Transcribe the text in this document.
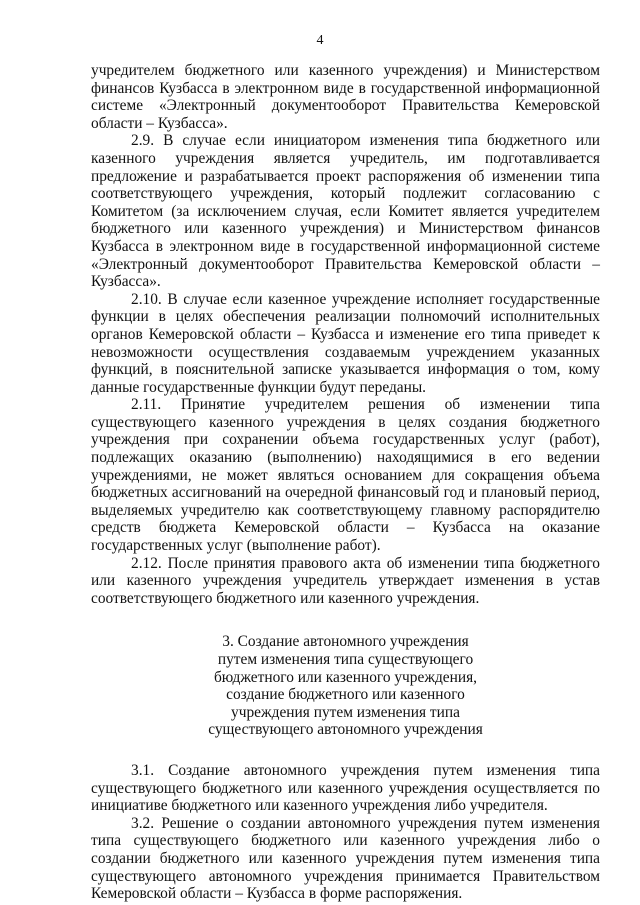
4

учредителем бюджетного или казенного учреждения) и Министерством финансов Кузбасса в электронном виде в государственной информационной системе «Электронный документооборот Правительства Кемеровской области – Кузбасса».

2.9. В случае если инициатором изменения типа бюджетного или казенного учреждения является учредитель, им подготавливается предложение и разрабатывается проект распоряжения об изменении типа соответствующего учреждения, который подлежит согласованию с Комитетом (за исключением случая, если Комитет является учредителем бюджетного или казенного учреждения) и Министерством финансов Кузбасса в электронном виде в государственной информационной системе «Электронный документооборот Правительства Кемеровской области – Кузбасса».

2.10. В случае если казенное учреждение исполняет государственные функции в целях обеспечения реализации полномочий исполнительных органов Кемеровской области – Кузбасса и изменение его типа приведет к невозможности осуществления создаваемым учреждением указанных функций, в пояснительной записке указывается информация о том, кому данные государственные функции будут переданы.

2.11. Принятие учредителем решения об изменении типа существующего казенного учреждения в целях создания бюджетного учреждения при сохранении объема государственных услуг (работ), подлежащих оказанию (выполнению) находящимися в его ведении учреждениями, не может являться основанием для сокращения объема бюджетных ассигнований на очередной финансовый год и плановый период, выделяемых учредителю как соответствующему главному распорядителю средств бюджета Кемеровской области – Кузбасса на оказание государственных услуг (выполнение работ).

2.12. После принятия правового акта об изменении типа бюджетного или казенного учреждения учредитель утверждает изменения в устав соответствующего бюджетного или казенного учреждения.

3. Создание автономного учреждения
путем изменения типа существующего
бюджетного или казенного учреждения,
создание бюджетного или казенного
учреждения путем изменения типа
существующего автономного учреждения

3.1. Создание автономного учреждения путем изменения типа существующего бюджетного или казенного учреждения осуществляется по инициативе бюджетного или казенного учреждения либо учредителя.

3.2. Решение о создании автономного учреждения путем изменения типа существующего бюджетного или казенного учреждения либо о создании бюджетного или казенного учреждения путем изменения типа существующего автономного учреждения принимается Правительством Кемеровской области – Кузбасса в форме распоряжения.
